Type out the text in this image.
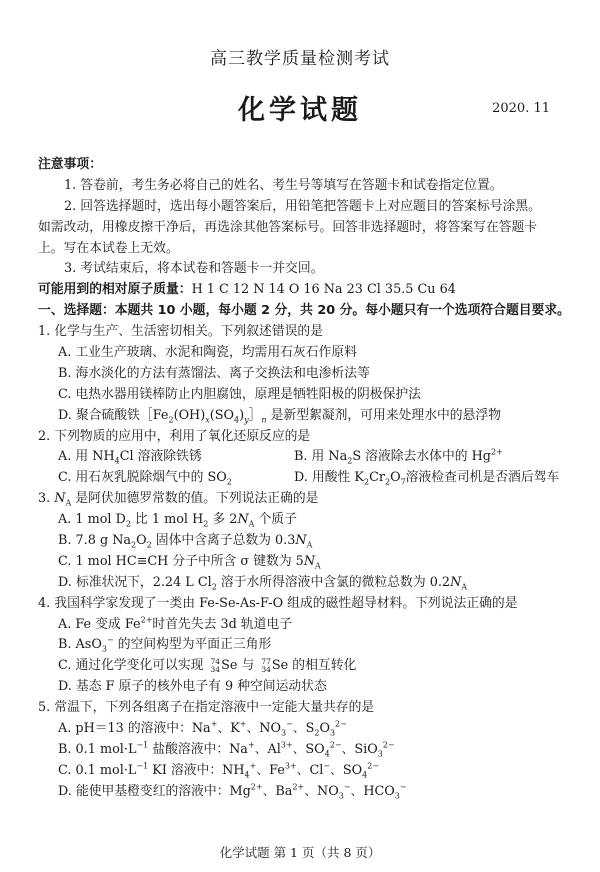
高三教学质量检测考试
化学试题	2020. 11
注意事项：
1. 答卷前，考生务必将自己的姓名、考生号等填写在答题卡和试卷指定位置。
2. 回答选择题时，选出每小题答案后，用铅笔把答题卡上对应题目的答案标号涂黑。
如需改动，用橡皮擦干净后，再选涂其他答案标号。回答非选择题时，将答案写在答题卡
上。写在本试卷上无效。
3. 考试结束后，将本试卷和答题卡一并交回。
可能用到的相对原子质量：H 1 C 12 N 14 O 16 Na 23 Cl 35.5 Cu 64
一、选择题：本题共 10 小题，每小题 2 分，共 20 分。每小题只有一个选项符合题目要求。
1. 化学与生产、生活密切相关。下列叙述错误的是
A. 工业生产玻璃、水泥和陶瓷，均需用石灰石作原料
B. 海水淡化的方法有蒸馏法、离子交换法和电渗析法等
C. 电热水器用镁棒防止内胆腐蚀，原理是牺牲阳极的阴极保护法
D. 聚合硫酸铁$[Fe_2(OH)_x(SO_4)_y]_n$ 是新型絮凝剂，可用来处理水中的悬浮物
2. 下列物质的应用中，利用了氧化还原反应的是
A. 用 $NH_4Cl$ 溶液除铁锈	B. 用 $Na_2S$ 溶液除去水体中的 $Hg^{2+}$
C. 用石灰乳脱除烟气中的 $SO_2$	D. 用酸性 $K_2Cr_2O_7$溶液检查司机是否酒后驾车
3. $N_A$ 是阿伏加德罗常数的值。下列说法正确的是
A. 1 mol $D_2$ 比 1 mol $H_2$ 多 $2N_A$ 个质子
B. 7.8 g $Na_2O_2$ 固体中含离子总数为 $0.3N_A$
C. 1 mol HC≡CH 分子中所含 σ 键数为 $5N_A$
D. 标准状况下，2.24 L $Cl_2$ 溶于水所得溶液中含氯的微粒总数为 $0.2N_A$
4. 我国科学家发现了一类由 Fe-Se-As-F-O 组成的磁性超导材料。下列说法正确的是
A. Fe 变成 $Fe^{2+}$时首先失去 3d 轨道电子
B. AsO$_3$− 的空间构型为平面正三角形
C. 通过化学变化可以实现 74
34 Se 与 77
34 Se 的相互转化
D. 基态 F 原子的核外电子有 9 种空间运动状态
5. 常温下，下列各组离子在指定溶液中一定能大量共存的是
A. pH＝13 的溶液中：Na+、K+、$NO_3^-$、$S_2O_3^{2-}$
B. 0.1 $mol\cdot L^{-1}$ 盐酸溶液中：Na+、$Al^{3+}$、$SO_4^{2-}$、SiO$_3^{2-}$
C. 0.1 $mol\cdot L^{-1}$ KI 溶液中：$NH_4^+$、$Fe^{3+}$、Cl−、$SO_4^{2-}$
D. 能使甲基橙变红的溶液中：$Mg^{2+}$、$Ba^{2+}$、$NO_3^-$、$HCO_3^-$
化学试题 第 1 页（共 8 页）
